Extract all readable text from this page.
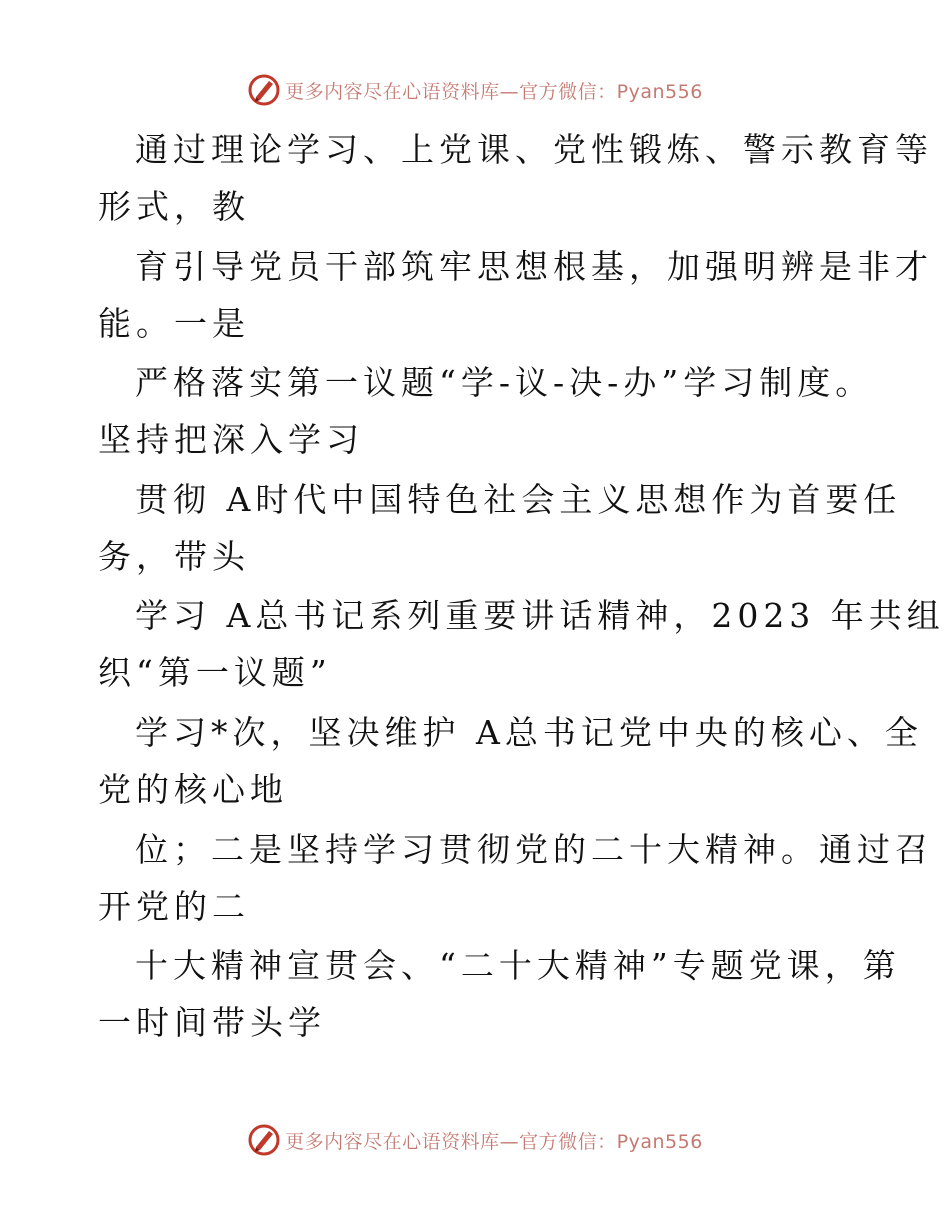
更多内容尽在心语资料库—官方微信：Pyan556
通过理论学习、上党课、党性锻炼、警示教育等
形式，教
育引导党员干部筑牢思想根基，加强明辨是非才
能。一是
严格落实第一议题“学-议-决-办”学习制度。
坚持把深入学习
贯彻 A时代中国特色社会主义思想作为首要任
务，带头
学习 A总书记系列重要讲话精神，2023 年共组
织“第一议题”
学习*次，坚决维护 A总书记党中央的核心、全
党的核心地
位；二是坚持学习贯彻党的二十大精神。通过召
开党的二
十大精神宣贯会、“二十大精神”专题党课，第
一时间带头学
更多内容尽在心语资料库—官方微信：Pyan556
